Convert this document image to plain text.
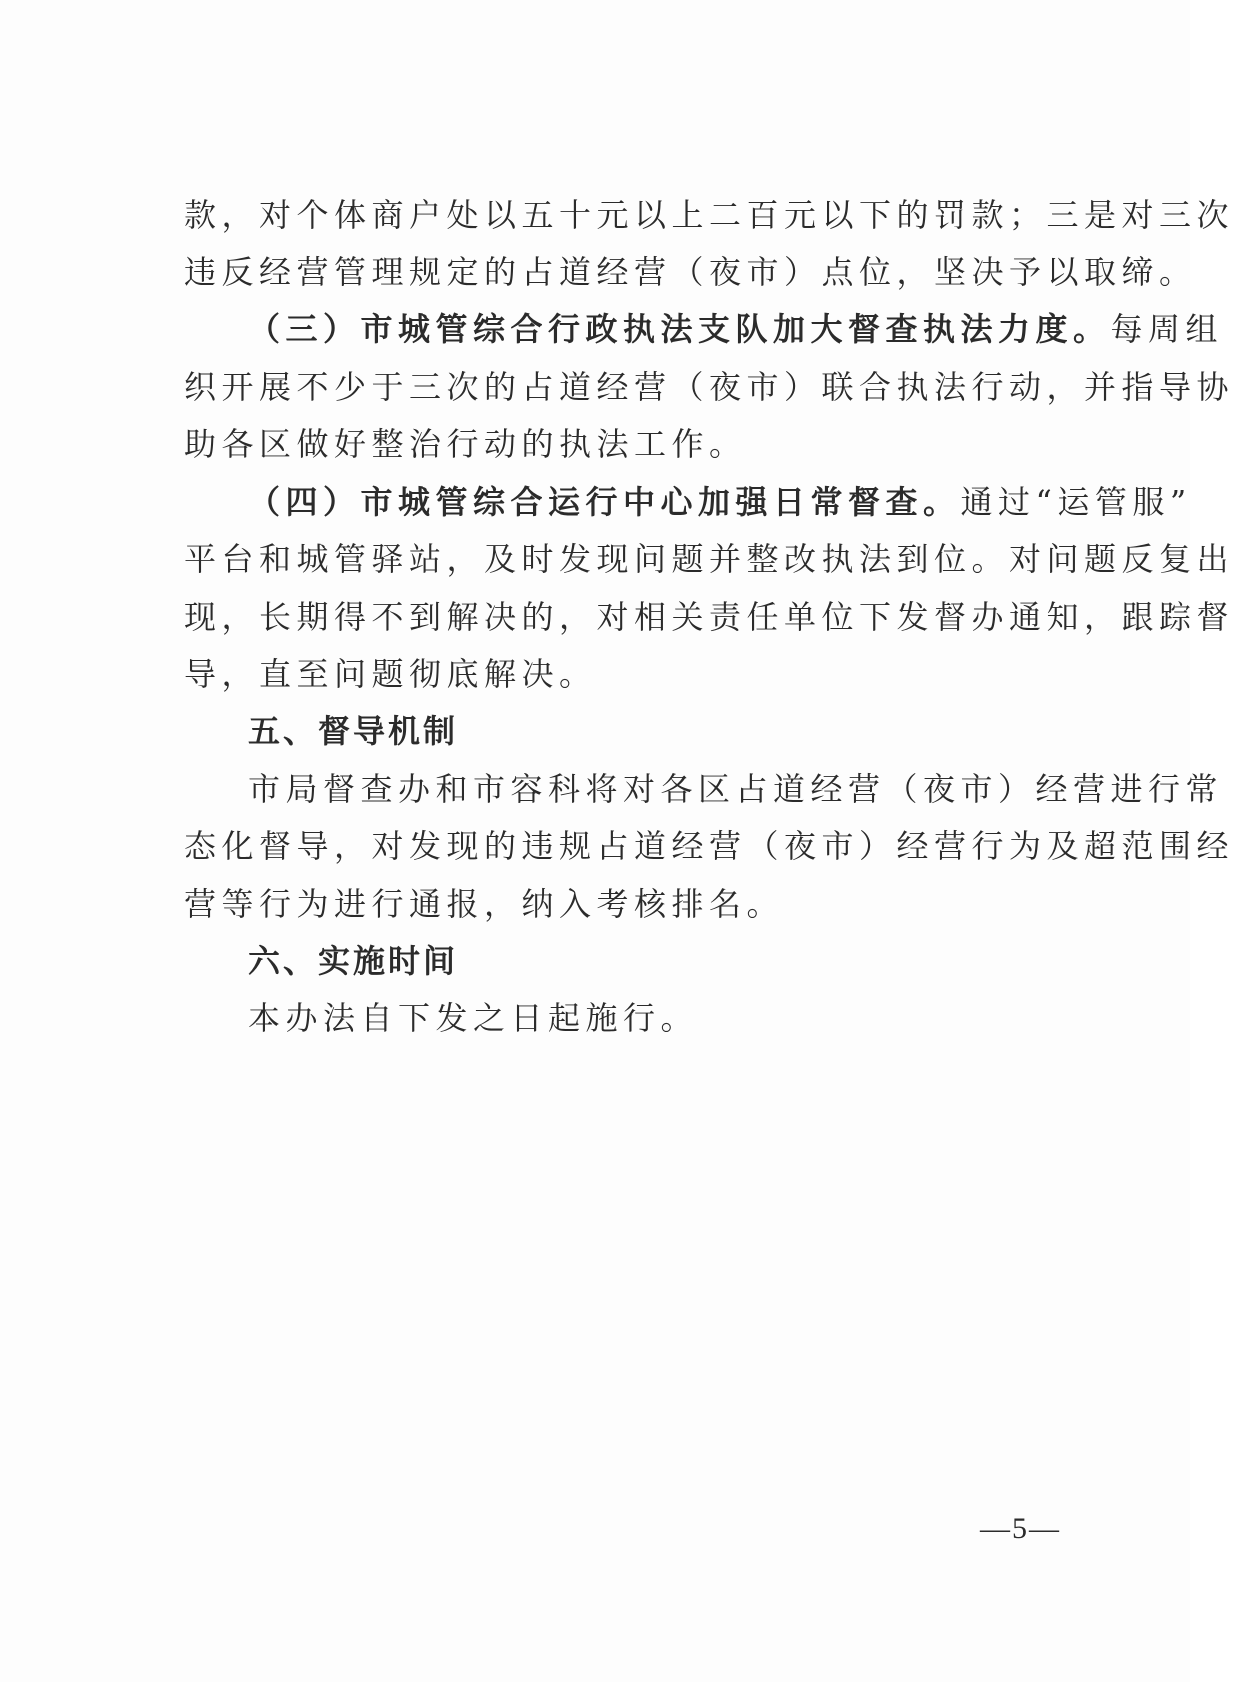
款，对个体商户处以五十元以上二百元以下的罚款；三是对三次
违反经营管理规定的占道经营（夜市）点位，坚决予以取缔。
（三）市城管综合行政执法支队加大督查执法力度。每周组
织开展不少于三次的占道经营（夜市）联合执法行动，并指导协
助各区做好整治行动的执法工作。
（四）市城管综合运行中心加强日常督查。通过“运管服”
平台和城管驿站，及时发现问题并整改执法到位。对问题反复出
现，长期得不到解决的，对相关责任单位下发督办通知，跟踪督
导，直至问题彻底解决。
五、督导机制
市局督查办和市容科将对各区占道经营（夜市）经营进行常
态化督导，对发现的违规占道经营（夜市）经营行为及超范围经
营等行为进行通报，纳入考核排名。
六、实施时间
本办法自下发之日起施行。
—5—
